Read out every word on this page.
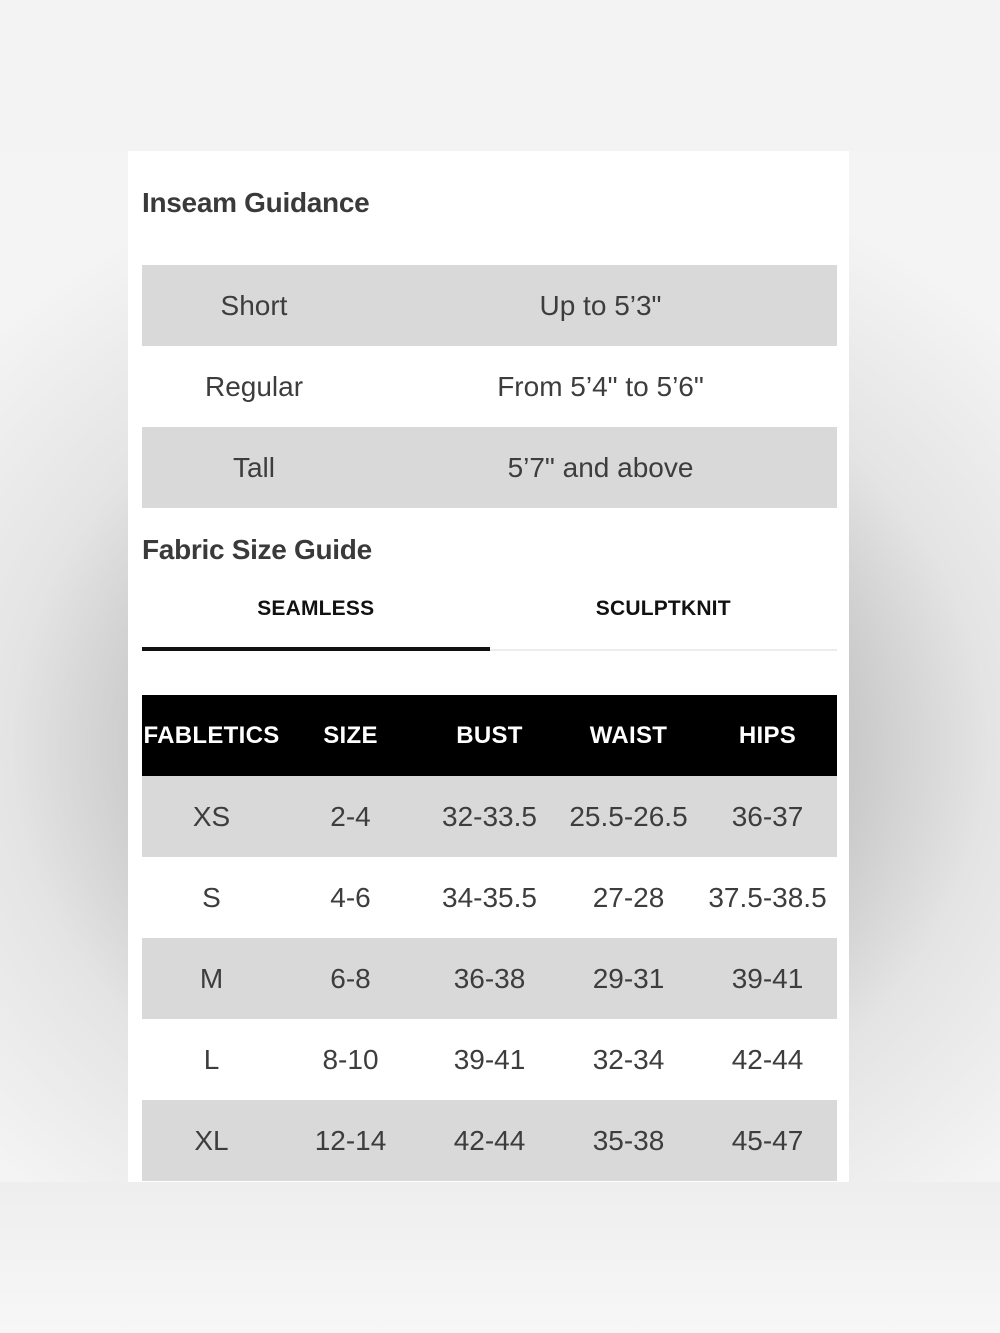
Inseam Guidance
Short	Up to 5’3"
Regular	From 5’4" to 5’6"
Tall	5’7" and above
Fabric Size Guide
SEAMLESS	SCULPTKNIT
FABLETICS	SIZE	BUST	WAIST	HIPS
XS	2-4	32-33.5	25.5-26.5	36-37
S	4-6	34-35.5	27-28	37.5-38.5
M	6-8	36-38	29-31	39-41
L	8-10	39-41	32-34	42-44
XL	12-14	42-44	35-38	45-47
